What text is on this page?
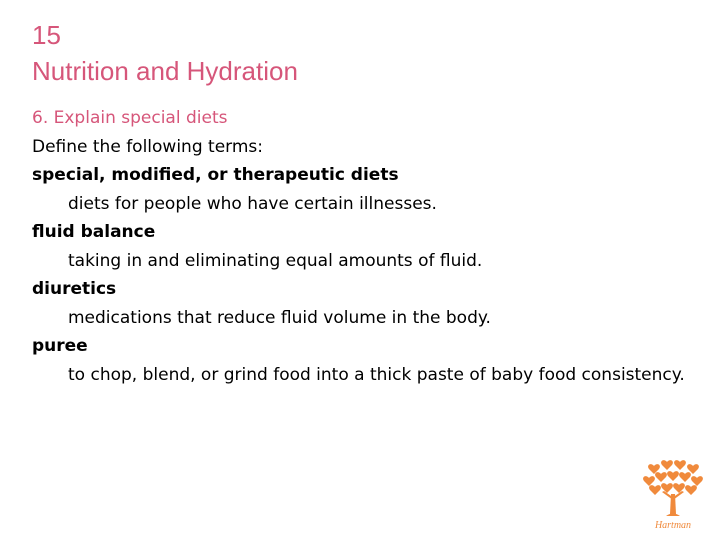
15
Nutrition and Hydration

6. Explain special diets

Define the following terms:

special, modified, or therapeutic diets

diets for people who have certain illnesses.

fluid balance

taking in and eliminating equal amounts of fluid.

diuretics

medications that reduce fluid volume in the body.

puree

to chop, blend, or grind food into a thick paste of baby food consistency.

Hartman
